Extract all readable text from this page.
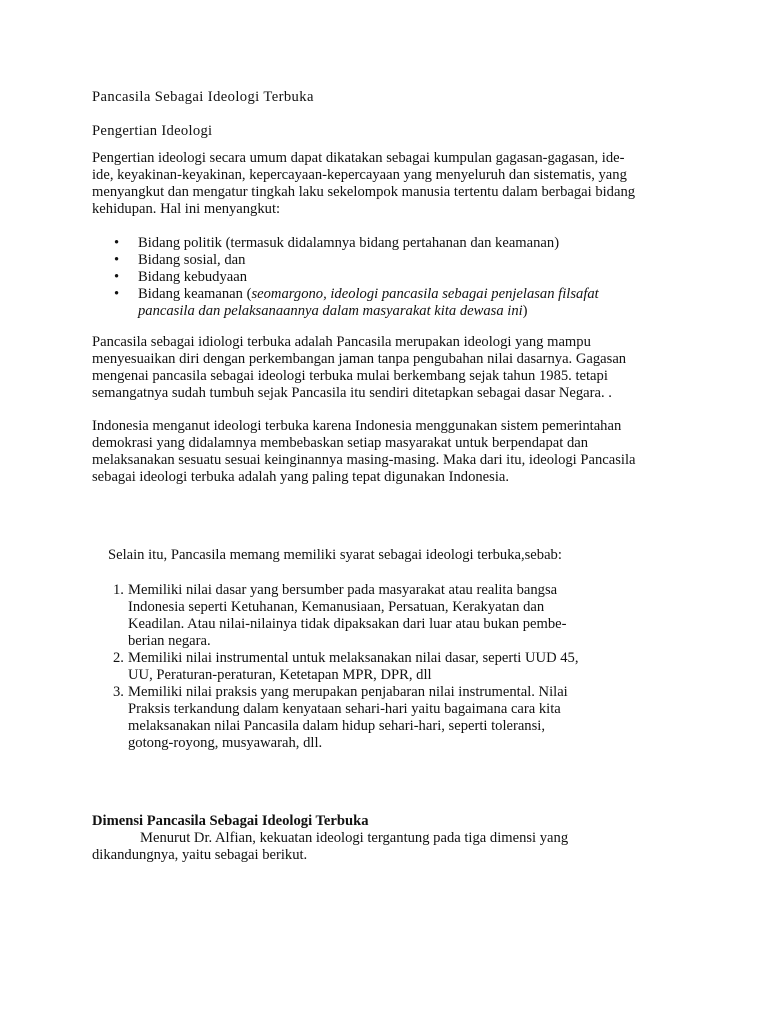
Pancasila Sebagai Ideologi Terbuka
Pengertian Ideologi
Pengertian ideologi secara umum dapat dikatakan sebagai kumpulan gagasan-gagasan, ide-
ide, keyakinan-keyakinan, kepercayaan-kepercayaan yang menyeluruh dan sistematis, yang
menyangkut dan mengatur tingkah laku sekelompok manusia tertentu dalam berbagai bidang
kehidupan. Hal ini menyangkut:
• Bidang politik (termasuk didalamnya bidang pertahanan dan keamanan)
• Bidang sosial, dan
• Bidang kebudyaan
• Bidang keamanan (seomargono, ideologi pancasila sebagai penjelasan filsafat
pancasila dan pelaksanaannya dalam masyarakat kita dewasa ini)
Pancasila sebagai idiologi terbuka adalah Pancasila merupakan ideologi yang mampu
menyesuaikan diri dengan perkembangan jaman tanpa pengubahan nilai dasarnya. Gagasan
mengenai pancasila sebagai ideologi terbuka mulai berkembang sejak tahun 1985. tetapi
semangatnya sudah tumbuh sejak Pancasila itu sendiri ditetapkan sebagai dasar Negara. .
Indonesia menganut ideologi terbuka karena Indonesia menggunakan sistem pemerintahan
demokrasi yang didalamnya membebaskan setiap masyarakat untuk berpendapat dan
melaksanakan sesuatu sesuai keinginannya masing-masing. Maka dari itu, ideologi Pancasila
sebagai ideologi terbuka adalah yang paling tepat digunakan Indonesia.
Selain itu, Pancasila memang memiliki syarat sebagai ideologi terbuka,sebab:
1. Memiliki nilai dasar yang bersumber pada masyarakat atau realita bangsa
Indonesia seperti Ketuhanan, Kemanusiaan, Persatuan, Kerakyatan dan
Keadilan. Atau nilai-nilainya tidak dipaksakan dari luar atau bukan pembe-
berian negara.
2. Memiliki nilai instrumental untuk melaksanakan nilai dasar, seperti UUD 45,
UU, Peraturan-peraturan, Ketetapan MPR, DPR, dll
3. Memiliki nilai praksis yang merupakan penjabaran nilai instrumental. Nilai
Praksis terkandung dalam kenyataan sehari-hari yaitu bagaimana cara kita
melaksanakan nilai Pancasila dalam hidup sehari-hari, seperti toleransi,
gotong-royong, musyawarah, dll.
Dimensi Pancasila Sebagai Ideologi Terbuka
Menurut Dr. Alfian, kekuatan ideologi tergantung pada tiga dimensi yang
dikandungnya, yaitu sebagai berikut.
